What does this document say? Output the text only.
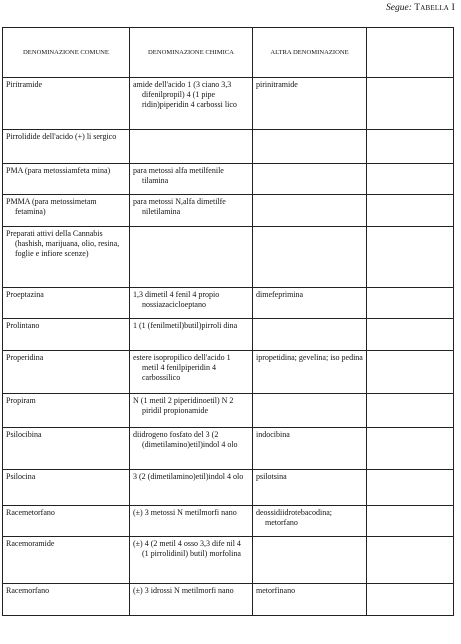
Segue: Tabella I
DENOMINAZIONE COMUNE	DENOMINAZIONE CHIMICA	ALTRA DENOMINAZIONE	

Piritramide	amide dell'acido 1 (3 ciano 3,3 difenilpropil) 4 (1 pipe ridin)piperidin 4 carbossi lico	pirinitramide	

Pirrolidide dell'acido (+) li sergico			

PMA (para metossiamfeta mina)	para metossi alfa metilfenile tilamina		

PMMA (para metossimetam fetamina)	para metossi N,alfa dimetilfe niletilamina		

Preparati attivi della Cannabis (hashish, marijuana, olio, resina, foglie e infiore scenze)			

Proeptazina	1,3 dimetil 4 fenil 4 propio nossiazacicloeptano	dimefeprimina	

Prolintano	1 (1 (fenilmetil)butil)pirroli dina		

Properidina	estere isopropilico dell'acido 1 metil 4 fenilpiperidin 4 carbossilico	ipropetidina; gevelina; iso pedina	

Propiram	N (1 metil 2 piperidinoetil) N 2 piridil propionamide		

Psilocibina	diidrogeno fosfato del 3 (2 (dimetilamino)etil)indol 4 olo	indocibina	

Psilocina	3 (2 (dimetilamino)etil)indol 4 olo	psilotsina	

Racemetorfano	(±) 3 metossi N metilmorfi nano	deossidiidrotebacodina; metorfano	

Racemoramide	(±) 4 (2 metil 4 osso 3,3 dife nil 4 (1 pirrolidinil) butil) morfolina		

Racemorfano	(±) 3 idrossi N metilmorfi nano	metorfinano	
